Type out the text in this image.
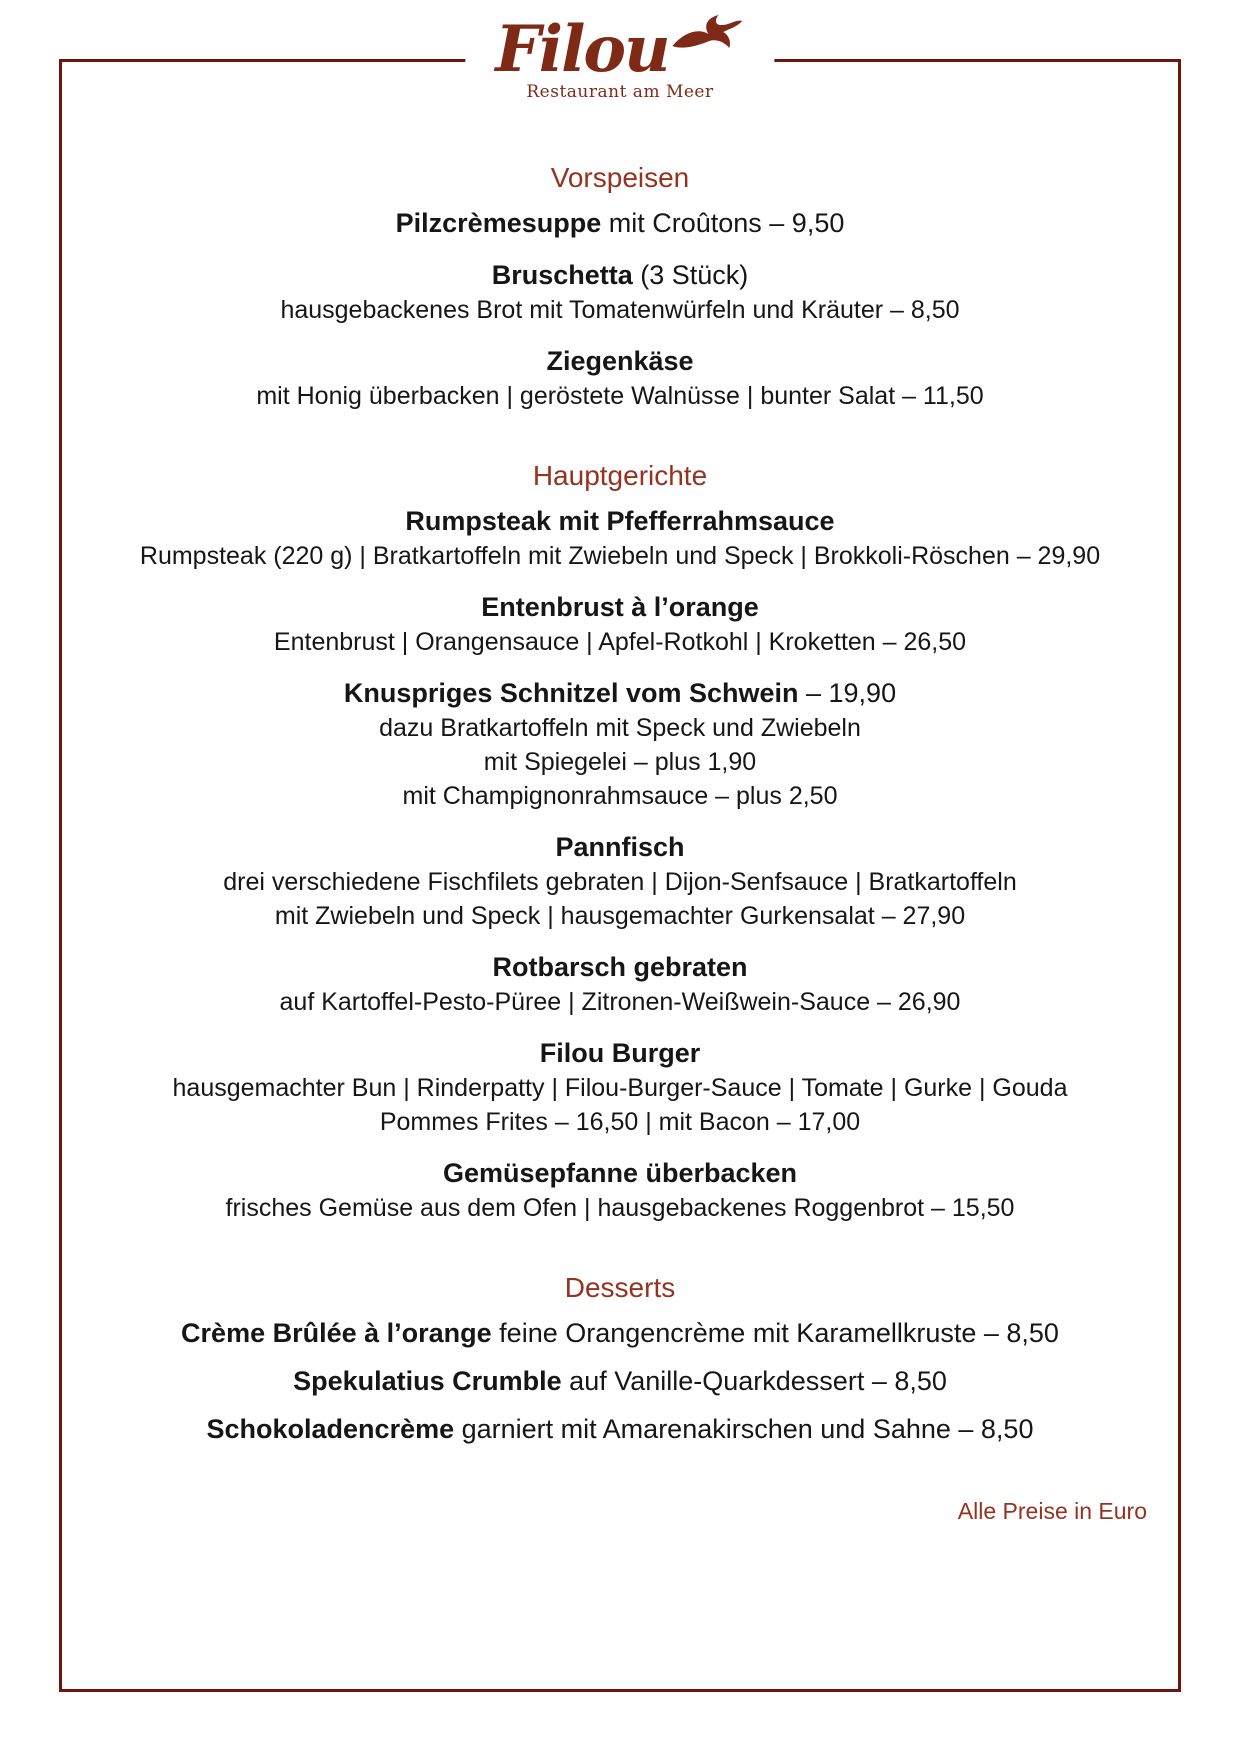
Filou
Restaurant am Meer
Vorspeisen
Pilzcrèmesuppe mit Croûtons – 9,50
Bruschetta (3 Stück)
hausgebackenes Brot mit Tomatenwürfeln und Kräuter – 8,50
Ziegenkäse
mit Honig überbacken | geröstete Walnüsse | bunter Salat – 11,50
Hauptgerichte
Rumpsteak mit Pfefferrahmsauce
Rumpsteak (220 g) | Bratkartoffeln mit Zwiebeln und Speck | Brokkoli-Röschen – 29,90
Entenbrust à l’orange
Entenbrust | Orangensauce | Apfel-Rotkohl | Kroketten – 26,50
Knuspriges Schnitzel vom Schwein – 19,90
dazu Bratkartoffeln mit Speck und Zwiebeln
mit Spiegelei – plus 1,90
mit Champignonrahmsauce – plus 2,50
Pannfisch
drei verschiedene Fischfilets gebraten | Dijon-Senfsauce | Bratkartoffeln
mit Zwiebeln und Speck | hausgemachter Gurkensalat – 27,90
Rotbarsch gebraten
auf Kartoffel-Pesto-Püree | Zitronen-Weißwein-Sauce – 26,90
Filou Burger
hausgemachter Bun | Rinderpatty | Filou-Burger-Sauce | Tomate | Gurke | Gouda
Pommes Frites – 16,50 | mit Bacon – 17,00
Gemüsepfanne überbacken
frisches Gemüse aus dem Ofen | hausgebackenes Roggenbrot – 15,50
Desserts
Crème Brûlée à l’orange feine Orangencrème mit Karamellkruste – 8,50
Spekulatius Crumble auf Vanille-Quarkdessert – 8,50
Schokoladencrème garniert mit Amarenakirschen und Sahne – 8,50
Alle Preise in Euro
